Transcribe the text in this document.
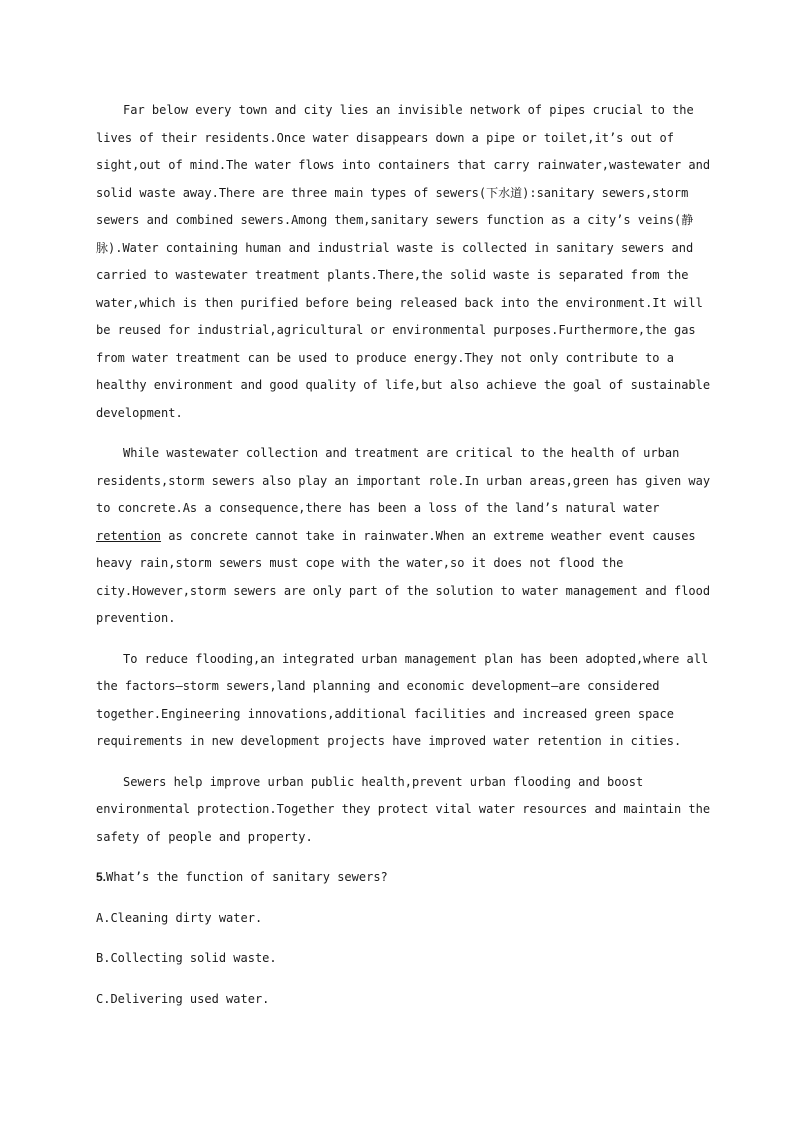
Far below every town and city lies an invisible network of pipes crucial to the
lives of their residents.Once water disappears down a pipe or toilet,it’s out of
sight,out of mind.The water flows into containers that carry rainwater,wastewater and
solid waste away.There are three main types of sewers(下水道):sanitary sewers,storm
sewers and combined sewers.Among them,sanitary sewers function as a city’s veins(静
脉).Water containing human and industrial waste is collected in sanitary sewers and
carried to wastewater treatment plants.There,the solid waste is separated from the
water,which is then purified before being released back into the environment.It will
be reused for industrial,agricultural or environmental purposes.Furthermore,the gas
from water treatment can be used to produce energy.They not only contribute to a
healthy environment and good quality of life,but also achieve the goal of sustainable
development.
While wastewater collection and treatment are critical to the health of urban
residents,storm sewers also play an important role.In urban areas,green has given way
to concrete.As a consequence,there has been a loss of the land’s natural water
retention as concrete cannot take in rainwater.When an extreme weather event causes
heavy rain,storm sewers must cope with the water,so it does not flood the
city.However,storm sewers are only part of the solution to water management and flood
prevention.
To reduce flooding,an integrated urban management plan has been adopted,where all
the factors—storm sewers,land planning and economic development—are considered
together.Engineering innovations,additional facilities and increased green space
requirements in new development projects have improved water retention in cities.
Sewers help improve urban public health,prevent urban flooding and boost
environmental protection.Together they protect vital water resources and maintain the
safety of people and property.
5.What’s the function of sanitary sewers?
A.Cleaning dirty water.
B.Collecting solid waste.
C.Delivering used water.
